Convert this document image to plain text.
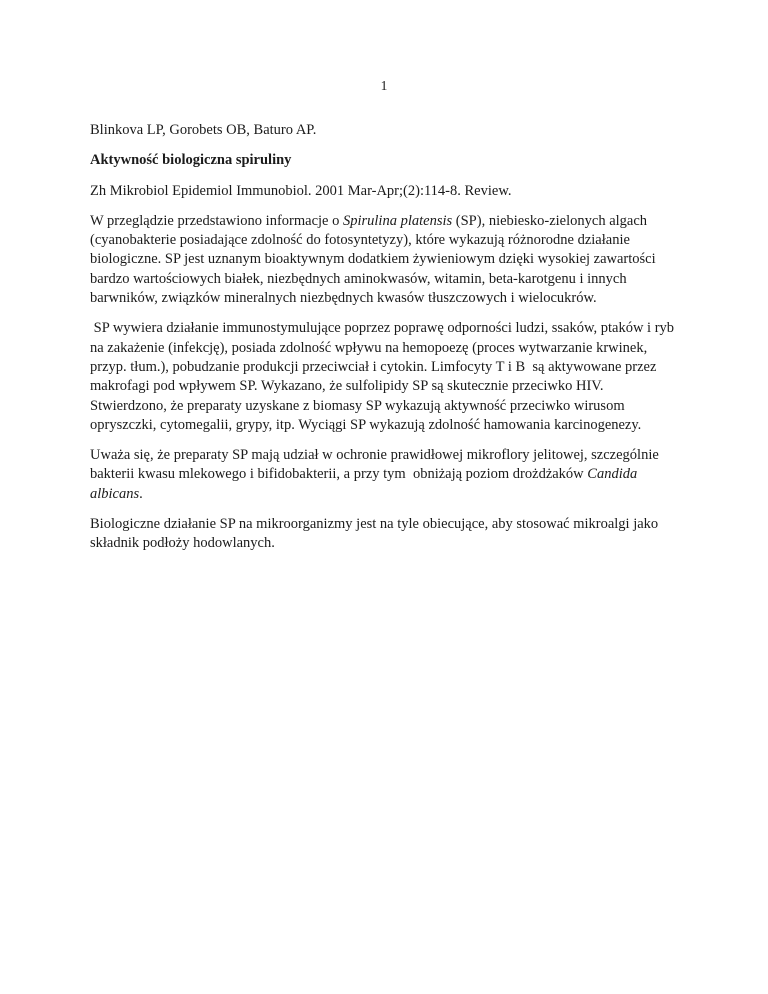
1

Blinkova LP, Gorobets OB, Baturo AP.

Aktywność biologiczna spiruliny

Zh Mikrobiol Epidemiol Immunobiol. 2001 Mar-Apr;(2):114-8. Review.

W przeglądzie przedstawiono informacje o Spirulina platensis (SP), niebiesko-zielonych algach (cyanobakterie posiadające zdolność do fotosyntetyzy), które wykazują różnorodne działanie biologiczne. SP jest uznanym bioaktywnym dodatkiem żywieniowym dzięki wysokiej zawartości bardzo wartościowych białek, niezbędnych aminokwasów, witamin, beta-karotgenu i innych barwników, związków mineralnych niezbędnych kwasów tłuszczowych i wielocukrów.

SP wywiera działanie immunostymulujące poprzez poprawę odporności ludzi, ssaków, ptaków i ryb na zakażenie (infekcję), posiada zdolność wpływu na hemopoezę (proces wytwarzanie krwinek, przyp. tłum.), pobudzanie produkcji przeciwciał i cytokin. Limfocyty T i B  są aktywowane przez makrofagi pod wpływem SP. Wykazano, że sulfolipidy SP są skutecznie przeciwko HIV. Stwierdzono, że preparaty uzyskane z biomasy SP wykazują aktywność przeciwko wirusom opryszczki, cytomegalii, grypy, itp. Wyciągi SP wykazują zdolność hamowania karcinogenezy.

Uważa się, że preparaty SP mają udział w ochronie prawidłowej mikroflory jelitowej, szczególnie bakterii kwasu mlekowego i bifidobakterii, a przy tym  obniżają poziom drożdżaków Candida albicans.

Biologiczne działanie SP na mikroorganizmy jest na tyle obiecujące, aby stosować mikroalgi jako składnik podłoży hodowlanych.
